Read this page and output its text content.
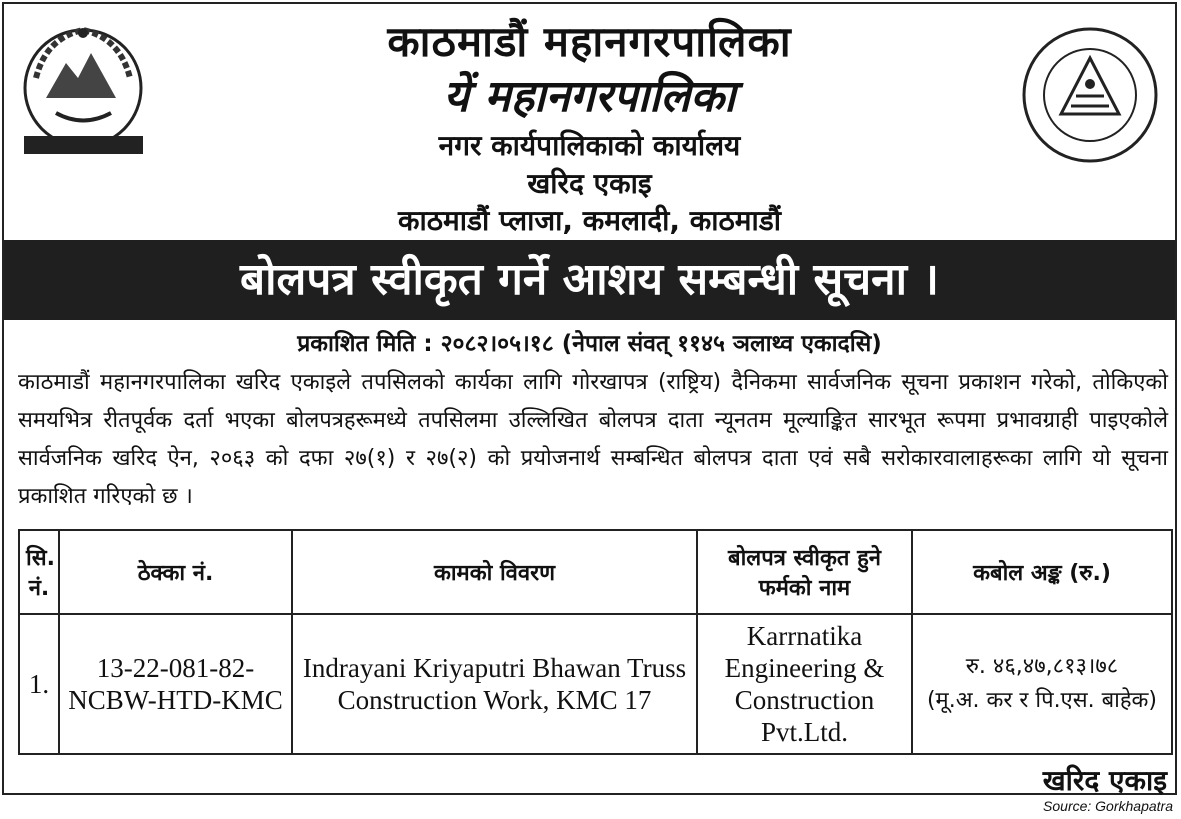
काठमाडौं महानगरपालिका
यें महानगरपालिका
नगर कार्यपालिकाको कार्यालय
खरिद एकाइ
काठमाडौं प्लाजा, कमलादी, काठमाडौं
बोलपत्र स्वीकृत गर्ने आशय सम्बन्धी सूचना ।
प्रकाशित मिति : २०८२।०५।१८ (नेपाल संवत् ११४५ ञलाथ्व एकादसि)
काठमाडौं महानगरपालिका खरिद एकाइले तपसिलको कार्यका लागि गोरखापत्र (राष्ट्रिय) दैनिकमा सार्वजनिक सूचना प्रकाशन गरेको, तोकिएको समयभित्र रीतपूर्वक दर्ता भएका बोलपत्रहरूमध्ये तपसिलमा उल्लिखित बोलपत्र दाता न्यूनतम मूल्याङ्कित सारभूत रूपमा प्रभावग्राही पाइएकोले सार्वजनिक खरिद ऐन, २०६३ को दफा २७(१) र २७(२) को प्रयोजनार्थ सम्बन्धित बोलपत्र दाता एवं सबै सरोकारवालाहरूका लागि यो सूचना प्रकाशित गरिएको छ ।
सि. नं.	ठेक्का नं.	कामको विवरण	बोलपत्र स्वीकृत हुने फर्मको नाम	कबोल अङ्क (रु.)
1.	13-22-081-82-NCBW-HTD-KMC	Indrayani Kriyaputri Bhawan Truss Construction Work, KMC 17	Karrnatika Engineering & Construction Pvt.Ltd.	रु. ४६,४७,८१३।७८
(मू.अ. कर र पि.एस. बाहेक)
खरिद एकाइ
Source: Gorkhapatra
